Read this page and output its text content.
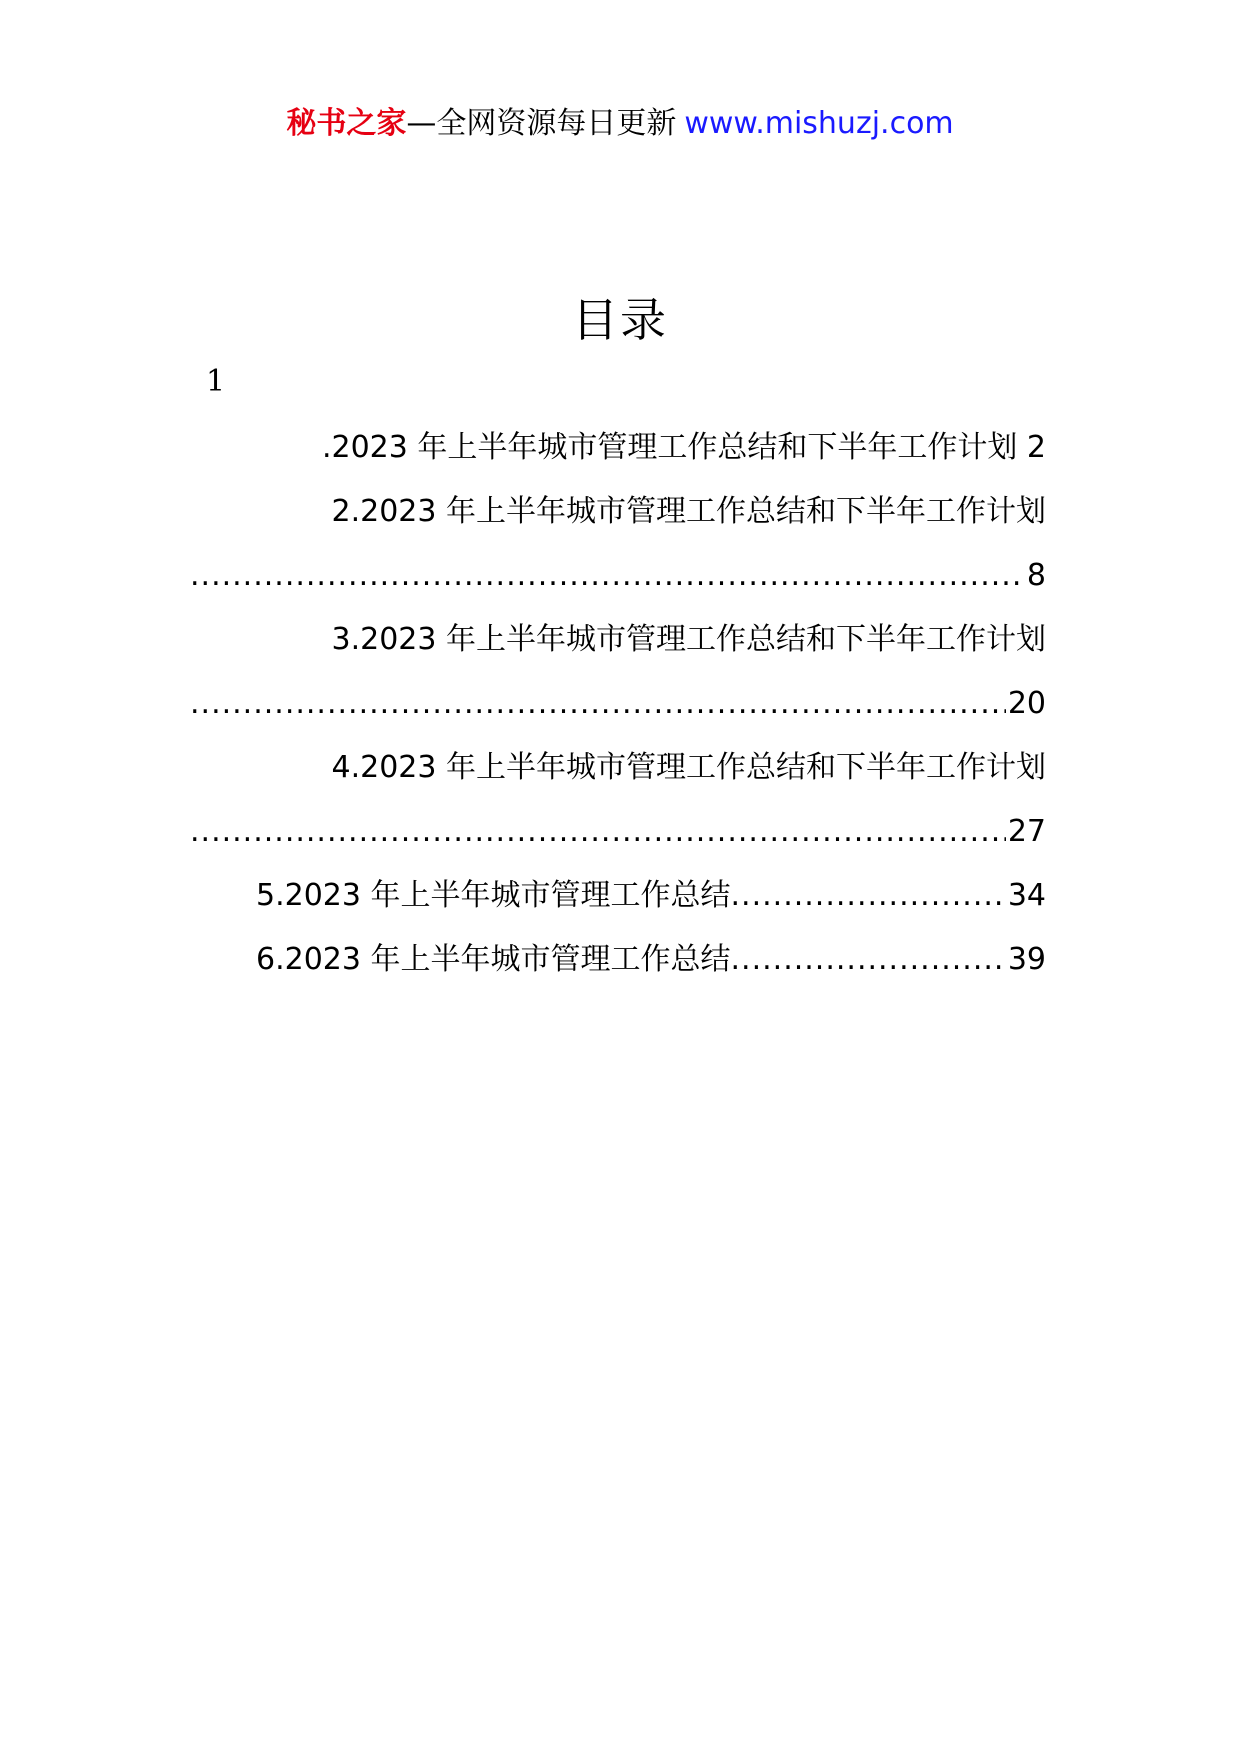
秘书之家—全网资源每日更新 www.mishuzj.com
目录
1
.2023 年上半年城市管理工作总结和下半年工作计划 2
2.2023 年上半年城市管理工作总结和下半年工作计划
.....
8
3.2023 年上半年城市管理工作总结和下半年工作计划
.....
20
4.2023 年上半年城市管理工作总结和下半年工作计划
.....
27
5.2023 年上半年城市管理工作总结 .....	34
6.2023 年上半年城市管理工作总结 .....	39
